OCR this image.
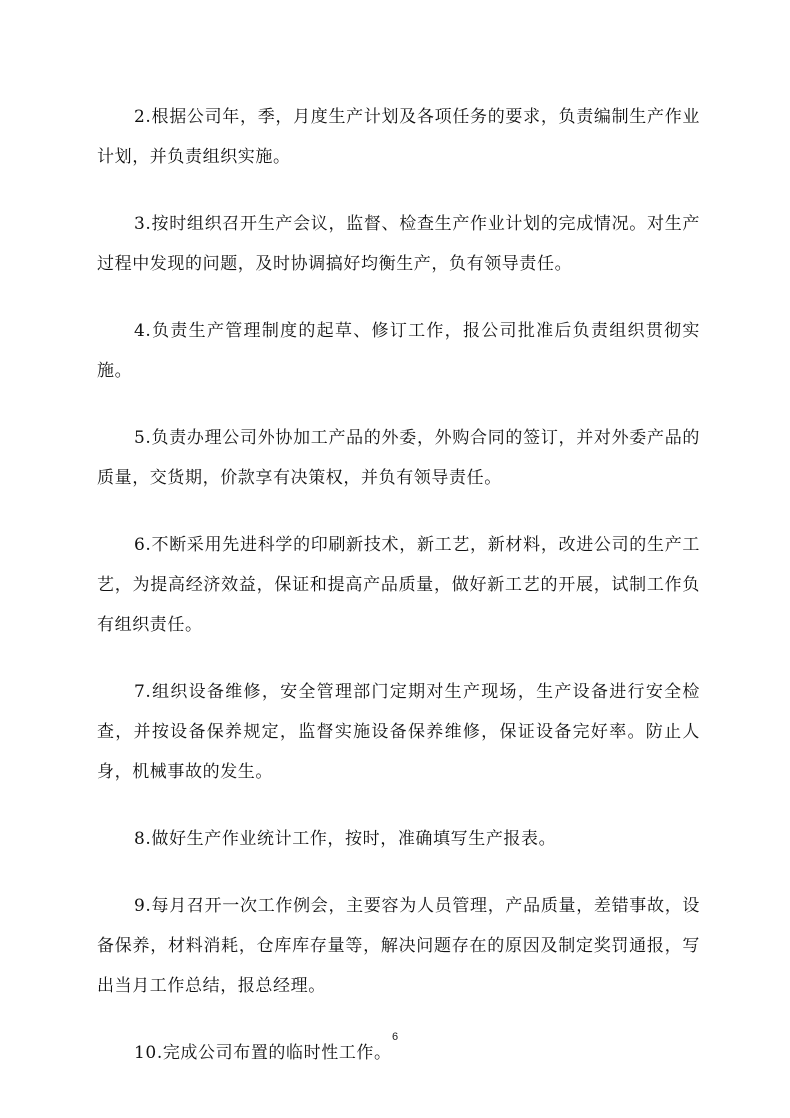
2.根据公司年，季，月度生产计划及各项任务的要求，负责编制生产作业计划，并负责组织实施。

3.按时组织召开生产会议，监督、检查生产作业计划的完成情况。对生产过程中发现的问题，及时协调搞好均衡生产，负有领导责任。

4.负责生产管理制度的起草、修订工作，报公司批准后负责组织贯彻实施。

5.负责办理公司外协加工产品的外委，外购合同的签订，并对外委产品的质量，交货期，价款享有决策权，并负有领导责任。

6.不断采用先进科学的印刷新技术，新工艺，新材料，改进公司的生产工艺，为提高经济效益，保证和提高产品质量，做好新工艺的开展，试制工作负有组织责任。

7.组织设备维修，安全管理部门定期对生产现场，生产设备进行安全检查，并按设备保养规定，监督实施设备保养维修，保证设备完好率。防止人身，机械事故的发生。

8.做好生产作业统计工作，按时，准确填写生产报表。

9.每月召开一次工作例会，主要容为人员管理，产品质量，差错事故，设备保养，材料消耗，仓库库存量等，解决问题存在的原因及制定奖罚通报，写出当月工作总结，报总经理。

10.完成公司布置的临时性工作。

6
